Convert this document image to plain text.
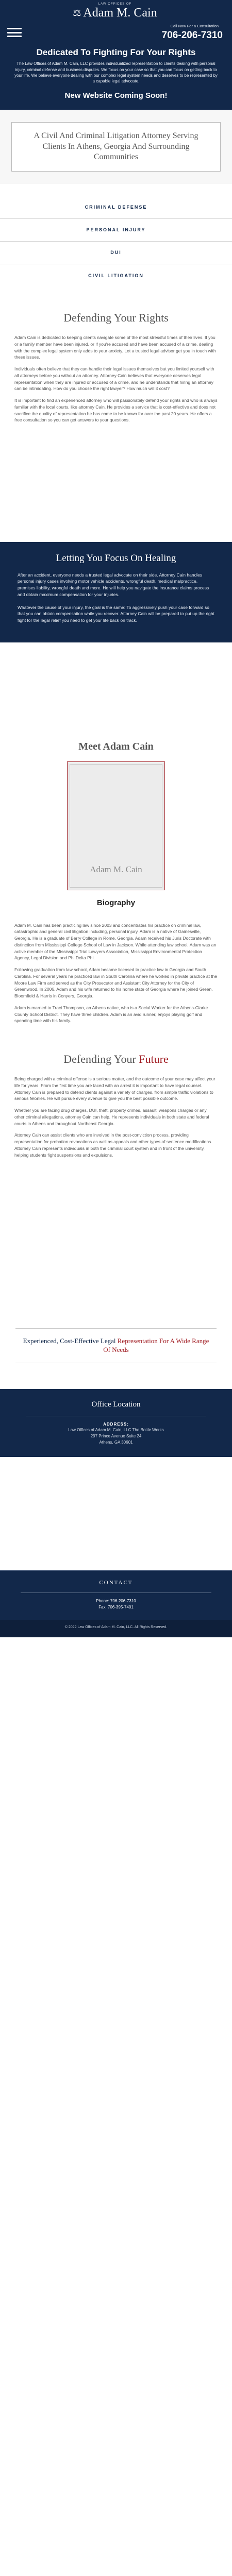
LAW OFFICES OF
⚖ Adam M. Cain
Call Now For a Consultation
706-206-7310
Dedicated To Fighting For Your Rights

The Law Offices of Adam M. Cain, LLC provides individualized representation to clients dealing with personal injury, criminal defense and business disputes. We focus on your case so that you can focus on getting back to your life. We believe everyone dealing with our complex legal system needs and deserves to be represented by a capable legal advocate.

New Website Coming Soon!
A Civil And Criminal Litigation Attorney Serving Clients In Athens, Georgia And Surrounding Communities
CRIMINAL DEFENSE
PERSONAL INJURY
DUI
CIVIL LITIGATION
Defending Your Rights

Adam Cain is dedicated to keeping clients navigate some of the most stressful times of their lives. If you or a family member have been injured, or if you're accused and have been accused of a crime, dealing with the complex legal system only adds to your anxiety. Let a trusted legal advisor get you in touch with these issues.

Individuals often believe that they can handle their legal issues themselves but you limited yourself with all attorneys before you without an attorney. Attorney Cain believes that everyone deserves legal representation when they are injured or accused of a crime, and he understands that hiring an attorney can be intimidating. How do you choose the right lawyer? How much will it cost?

It is important to find an experienced attorney who will passionately defend your rights and who is always familiar with the local courts, like attorney Cain. He provides a service that is cost-effective and does not sacrifice the quality of representation he has come to be known for over the past 20 years. He offers a free consultation so you can get answers to your questions.

Letting You Focus On Healing

After an accident, everyone needs a trusted legal advocate on their side. Attorney Cain handles personal injury cases involving motor vehicle accidents, wrongful death, medical malpractice, premises liability, wrongful death and more. He will help you navigate the insurance claims process and obtain maximum compensation for your injuries.

Whatever the cause of your injury, the goal is the same: To aggressively push your case forward so that you can obtain compensation while you recover. Attorney Cain will be prepared to put up the right fight for the legal relief you need to get your life back on track.

Meet Adam Cain
Adam M. Cain
Biography

Adam M. Cain has been practicing law since 2003 and concentrates his practice on criminal law, catastrophic and general civil litigation including, personal injury. Adam is a native of Gainesville, Georgia. He is a graduate of Berry College in Rome, Georgia. Adam received his Juris Doctorate with distinction from Mississippi College School of Law in Jackson. While attending law school, Adam was an active member of the Mississippi Trial Lawyers Association, Mississippi Environmental Protection Agency, Legal Division and Phi Delta Phi.

Following graduation from law school, Adam became licensed to practice law in Georgia and South Carolina. For several years he practiced law in South Carolina where he worked in private practice at the Moore Law Firm and served as the City Prosecutor and Assistant City Attorney for the City of Greenwood. In 2006, Adam and his wife returned to his home state of Georgia where he joined Green, Bloomfield & Harris in Conyers, Georgia.

Adam is married to Traci Thompson, an Athens native, who is a Social Worker for the Athens-Clarke County School District. They have three children. Adam is an avid runner, enjoys playing golf and spending time with his family.

Defending Your Future

Being charged with a criminal offense is a serious matter, and the outcome of your case may affect your life for years. From the first time you are faced with an arrest it is important to have legal counsel. Attorney Cain is prepared to defend clients against a variety of charges, from simple traffic violations to serious felonies. He will pursue every avenue to give you the best possible outcome.

Whether you are facing drug charges, DUI, theft, property crimes, assault, weapons charges or any other criminal allegations, attorney Cain can help. He represents individuals in both state and federal courts in Athens and throughout Northeast Georgia.

Attorney Cain can assist clients who are involved in the post-conviction process, providing representation for probation revocations as well as appeals and other types of sentence modifications. Attorney Cain represents individuals in both the criminal court system and in front of the university, helping students fight suspensions and expulsions.

Experienced, Cost-Effective Legal Representation For A Wide Range Of Needs
Office Location
ADDRESS:
Law Offices of Adam M. Cain, LLC The Bottle Works
297 Prince Avenue Suite 24
Athens, GA 30601
CONTACT
Phone: 706-206-7310
Fax: 706-395-7401
© 2022 Law Offices of Adam M. Cain, LLC. All Rights Reserved.
